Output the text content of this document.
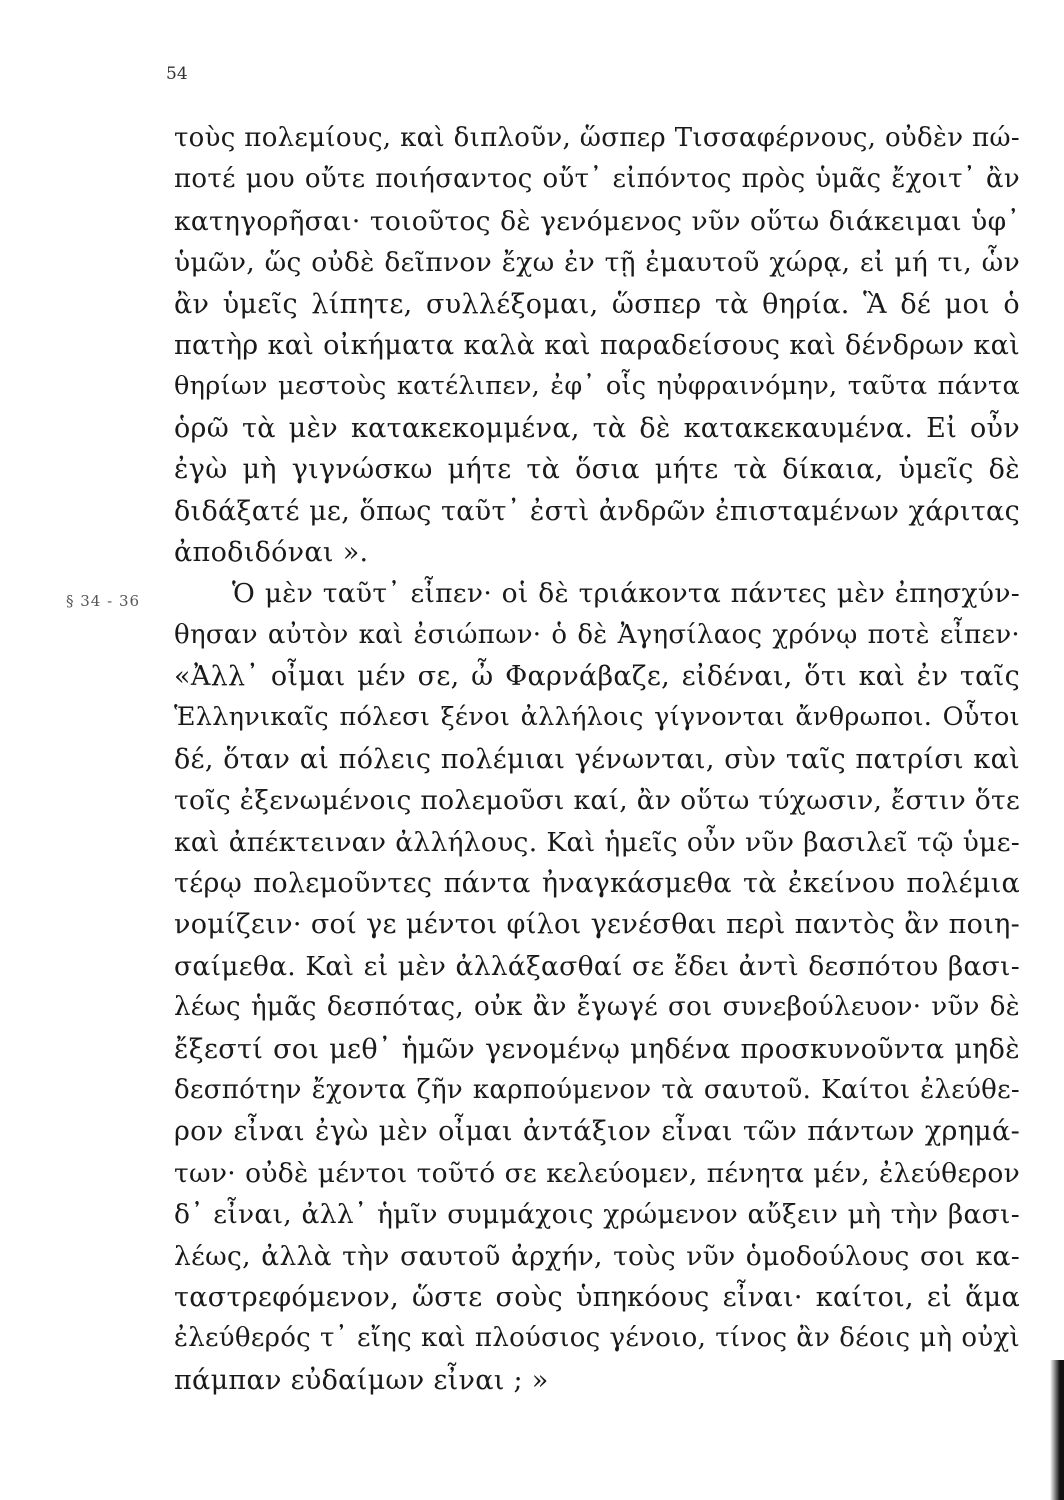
54
§ 34 - 36
τοὺς πολεμίους, καὶ διπλοῦν, ὥσπερ Τισσαφέρνους, οὐδὲν πώ-
ποτέ μου οὔτε ποιήσαντος οὔτ᾿ εἰπόντος πρὸς ὑμᾶς ἔχοιτ᾿ ἂν
κατηγορῆσαι· τοιοῦτος δὲ γενόμενος νῦν οὕτω διάκειμαι ὑφ᾿
ὑμῶν, ὥς οὐδὲ δεῖπνον ἔχω ἐν τῇ ἐμαυτοῦ χώρᾳ, εἰ μή τι, ὧν
ἂν ὑμεῖς λίπητε, συλλέξομαι, ὥσπερ τὰ θηρία. Ἃ δέ μοι ὁ
πατὴρ καὶ οἰκήματα καλὰ καὶ παραδείσους καὶ δένδρων καὶ
θηρίων μεστοὺς κατέλιπεν, ἐφ᾿ οἷς ηὐφραινόμην, ταῦτα πάντα
ὁρῶ τὰ μὲν κατακεκομμένα, τὰ δὲ κατακεκαυμένα. Εἰ οὖν
ἐγὼ μὴ γιγνώσκω μήτε τὰ ὅσια μήτε τὰ δίκαια, ὑμεῖς δὲ
διδάξατέ με, ὅπως ταῦτ᾿ ἐστὶ ἀνδρῶν ἐπισταμένων χάριτας
ἀποδιδόναι ».
Ὁ μὲν ταῦτ᾿ εἶπεν· οἱ δὲ τριάκοντα πάντες μὲν ἐπησχύν-
θησαν αὐτὸν καὶ ἐσιώπων· ὁ δὲ Ἀγησίλαος χρόνῳ ποτὲ εἶπεν·
«Ἀλλ᾿ οἶμαι μέν σε, ὦ Φαρνάβαζε, εἰδέναι, ὅτι καὶ ἐν ταῖς
Ἑλληνικαῖς πόλεσι ξένοι ἀλλήλοις γίγνονται ἄνθρωποι. Οὗτοι
δέ, ὅταν αἱ πόλεις πολέμιαι γένωνται, σὺν ταῖς πατρίσι καὶ
τοῖς ἐξενωμένοις πολεμοῦσι καί, ἂν οὕτω τύχωσιν, ἔστιν ὅτε
καὶ ἀπέκτειναν ἀλλήλους. Καὶ ἡμεῖς οὖν νῦν βασιλεῖ τῷ ὑμε-
τέρῳ πολεμοῦντες πάντα ἠναγκάσμεθα τὰ ἐκείνου πολέμια
νομίζειν· σοί γε μέντοι φίλοι γενέσθαι περὶ παντὸς ἂν ποιη-
σαίμεθα. Καὶ εἰ μὲν ἀλλάξασθαί σε ἔδει ἀντὶ δεσπότου βασι-
λέως ἡμᾶς δεσπότας, οὐκ ἂν ἔγωγέ σοι συνεβούλευον· νῦν δὲ
ἔξεστί σοι μεθ᾿ ἡμῶν γενομένῳ μηδένα προσκυνοῦντα μηδὲ
δεσπότην ἔχοντα ζῆν καρπούμενον τὰ σαυτοῦ. Καίτοι ἐλεύθε-
ρον εἶναι ἐγὼ μὲν οἶμαι ἀντάξιον εἶναι τῶν πάντων χρημά-
των· οὐδὲ μέντοι τοῦτό σε κελεύομεν, πένητα μέν, ἐλεύθερον
δ᾿ εἶναι, ἀλλ᾿ ἡμῖν συμμάχοις χρώμενον αὔξειν μὴ τὴν βασι-
λέως, ἀλλὰ τὴν σαυτοῦ ἀρχήν, τοὺς νῦν ὁμοδούλους σοι κα-
ταστρεφόμενον, ὥστε σοὺς ὑπηκόους εἶναι· καίτοι, εἰ ἅμα
ἐλεύθερός τ᾿ εἴης καὶ πλούσιος γένοιο, τίνος ἂν δέοις μὴ οὐχὶ
πάμπαν εὐδαίμων εἶναι ; »
